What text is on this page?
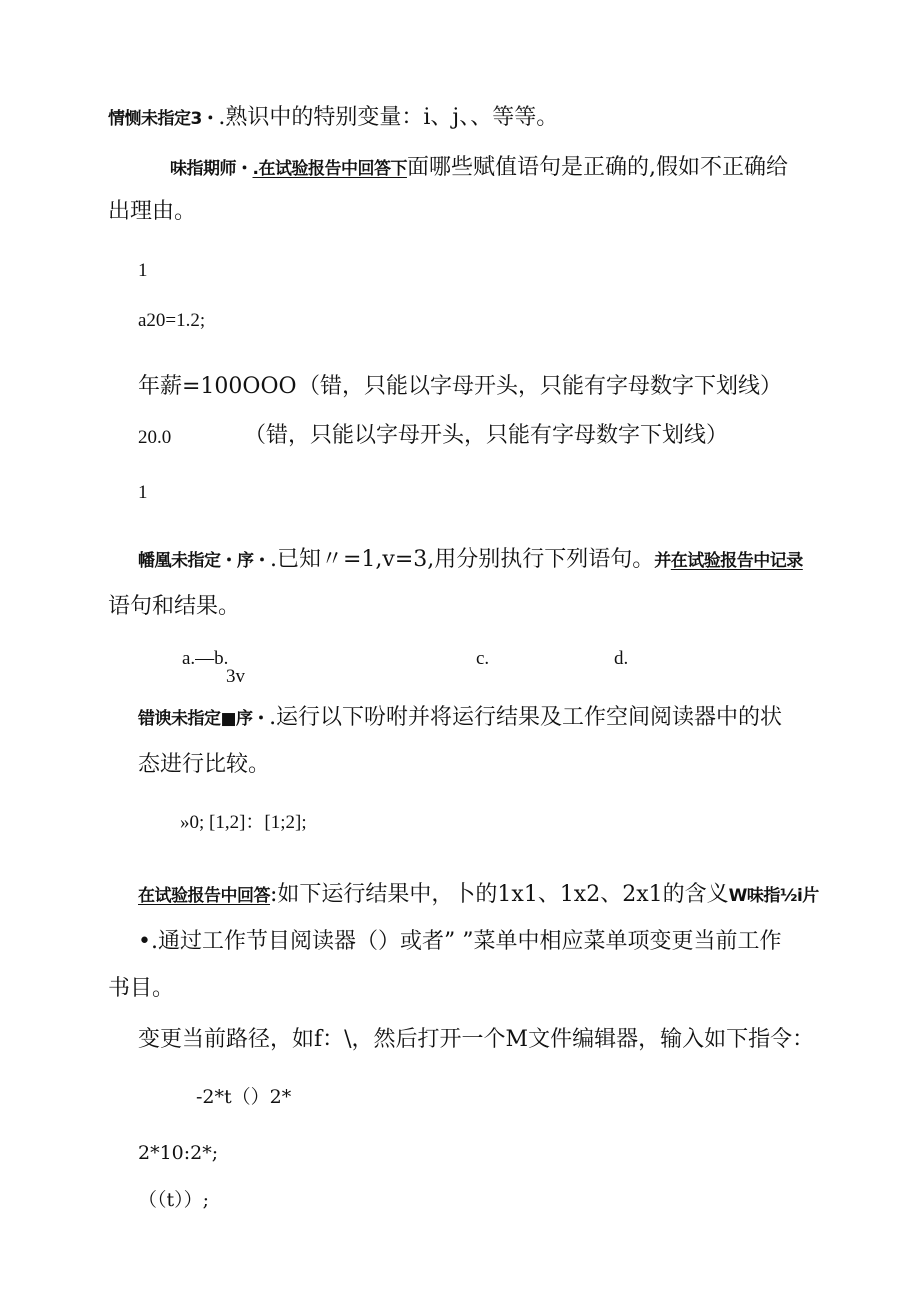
情恻未指定3・.熟识中的特别变量：i、j、、等等。
味指期师・.在试验报告中回答下面哪些赋值语句是正确的,假如不正确给
出理由。
1
a20=1.2;
年薪=100OOO （错，只能以字母开头，只能有字母数字下划线）
20.0	（错，只能以字母开头，只能有字母数字下划线）
1
幡凰未指定・序・.已知〃=1,v=3,用分别执行下列语句。并在试验报告中记录
语句和结果。
a.—b.	c.	d.
3v
错谀未指定■序・.运行以下吩咐并将运行结果及工作空间阅读器中的状
态进行比较。
»0; [1,2]：[1;2];
在试验报告中回答:如下运行结果中，卜的1x1、1x2、2x1的含义W味指½i片
•.通过工作节目阅读器（）或者” ”菜单中相应菜单项变更当前工作
书目。
变更当前路径，如f：\，然后打开一个M文件编辑器，输入如下指令：
-2*t（）2*
2*10:2*;
（（t））;
